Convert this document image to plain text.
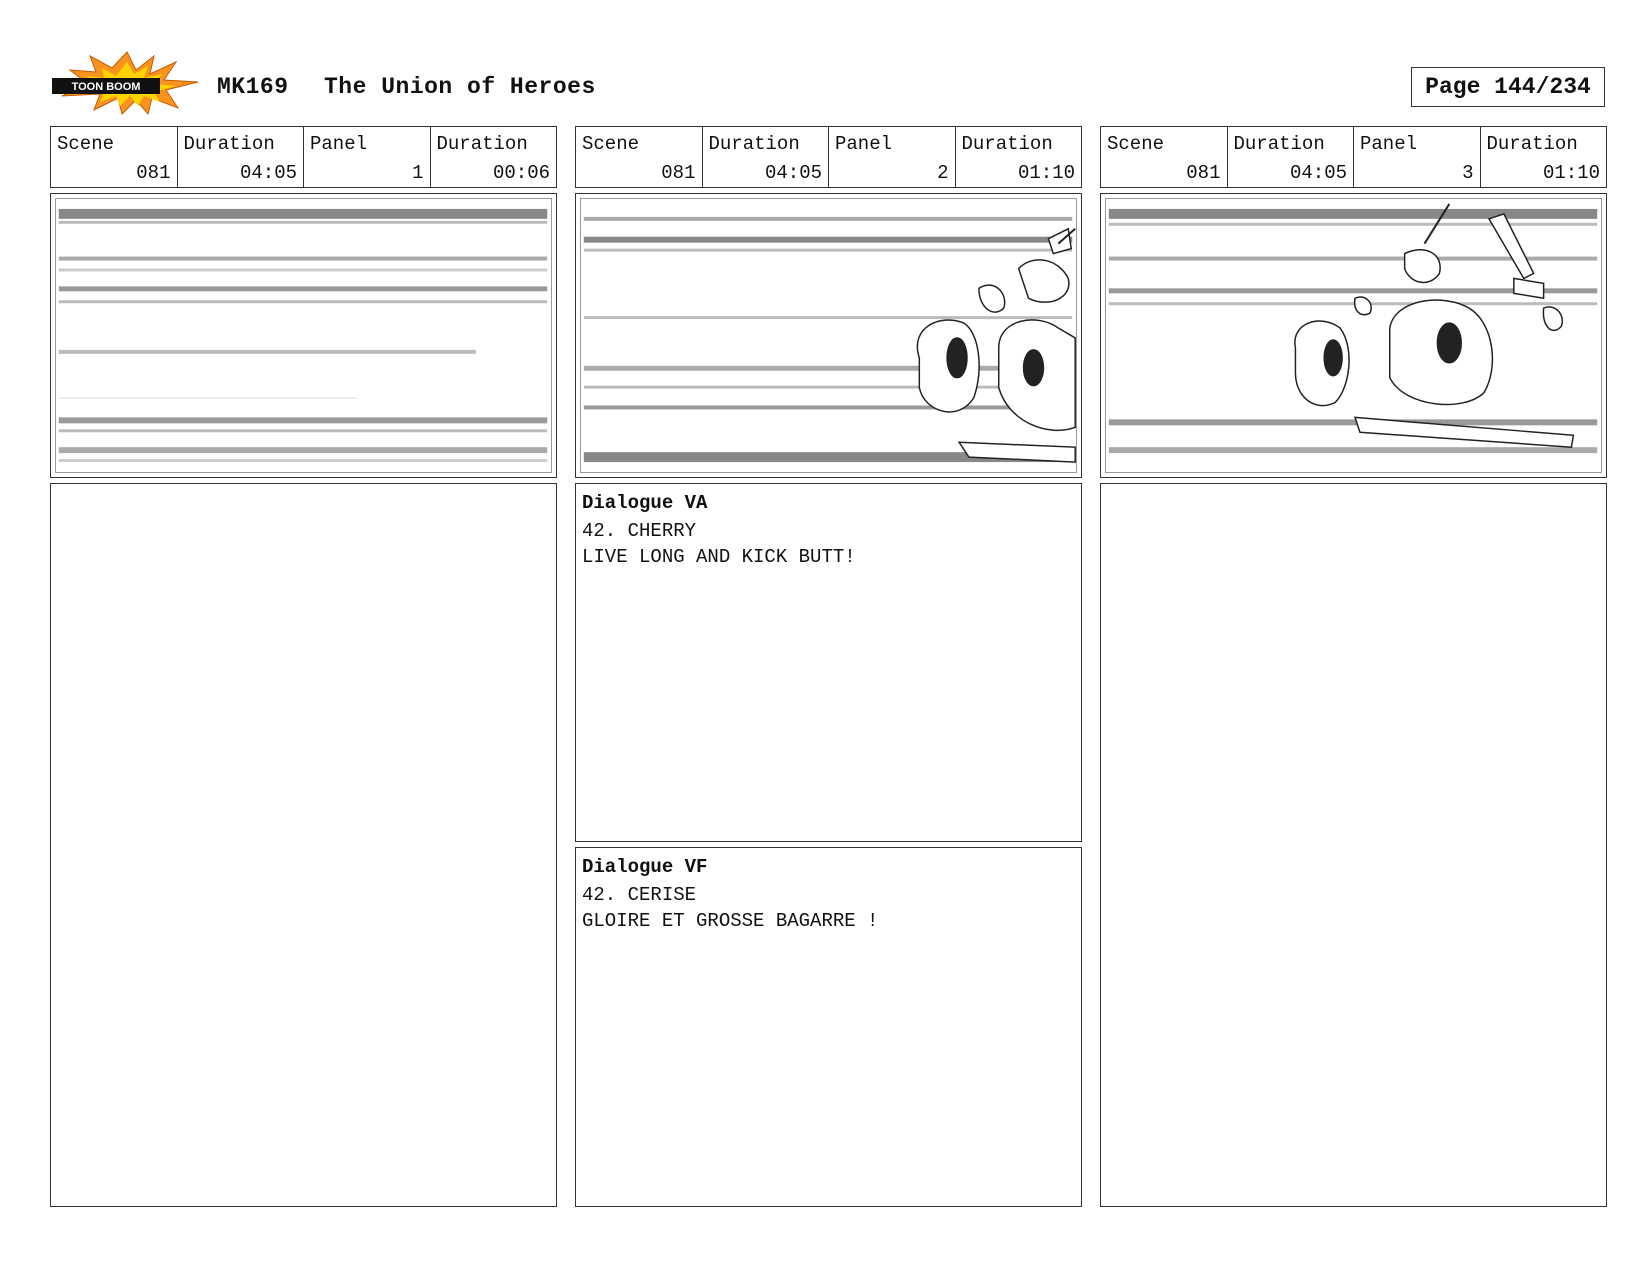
TOON BOOM	MK169 The Union of Heroes	Page 144/234
Scene
081
Duration
04:05
Panel
1
Duration
00:06
Scene
081
Duration
04:05
Panel
2
Duration
01:10
Dialogue VA
42. CHERRY
LIVE LONG AND KICK BUTT!
Dialogue VF
42. CERISE
GLOIRE ET GROSSE BAGARRE !
Scene
081
Duration
04:05
Panel
3
Duration
01:10
